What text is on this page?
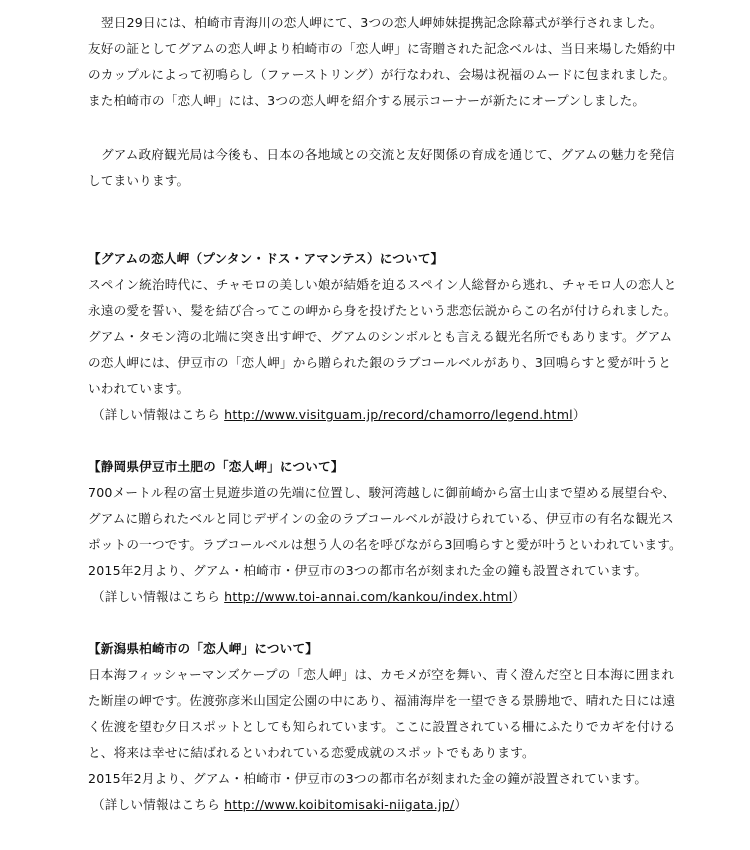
翌日29日には、柏崎市青海川の恋人岬にて、3つの恋人岬姉妹提携記念除幕式が挙行されました。
友好の証としてグアムの恋人岬より柏崎市の「恋人岬」に寄贈された記念ベルは、当日来場した婚約中
のカップルによって初鳴らし（ファーストリング）が行なわれ、会場は祝福のムードに包まれました。
また柏崎市の「恋人岬」には、3つの恋人岬を紹介する展示コーナーが新たにオープンしました。
グアム政府観光局は今後も、日本の各地域との交流と友好関係の育成を通じて、グアムの魅力を発信
してまいります。
【グアムの恋人岬（プンタン・ドス・アマンテス）について】
スペイン統治時代に、チャモロの美しい娘が結婚を迫るスペイン人総督から逃れ、チャモロ人の恋人と
永遠の愛を誓い、髪を結び合ってこの岬から身を投げたという悲恋伝説からこの名が付けられました。
グアム・タモン湾の北端に突き出す岬で、グアムのシンボルとも言える観光名所でもあります。グアム
の恋人岬には、伊豆市の「恋人岬」から贈られた銀のラブコールベルがあり、3回鳴らすと愛が叶うと
いわれています。
（詳しい情報はこちら http://www.visitguam.jp/record/chamorro/legend.html）
【静岡県伊豆市土肥の「恋人岬」について】
700メートル程の富士見遊歩道の先端に位置し、駿河湾越しに御前崎から富士山まで望める展望台や、
グアムに贈られたベルと同じデザインの金のラブコールベルが設けられている、伊豆市の有名な観光ス
ポットの一つです。ラブコールベルは想う人の名を呼びながら3回鳴らすと愛が叶うといわれています。
2015年2月より、グアム・柏崎市・伊豆市の3つの都市名が刻まれた金の鐘も設置されています。
（詳しい情報はこちら http://www.toi-annai.com/kankou/index.html）
【新潟県柏崎市の「恋人岬」について】
日本海フィッシャーマンズケープの「恋人岬」は、カモメが空を舞い、青く澄んだ空と日本海に囲まれ
た断崖の岬です。佐渡弥彦米山国定公園の中にあり、福浦海岸を一望できる景勝地で、晴れた日には遠
く佐渡を望む夕日スポットとしても知られています。ここに設置されている柵にふたりでカギを付ける
と、将来は幸せに結ばれるといわれている恋愛成就のスポットでもあります。
2015年2月より、グアム・柏崎市・伊豆市の3つの都市名が刻まれた金の鐘が設置されています。
（詳しい情報はこちら http://www.koibitomisaki-niigata.jp/）
